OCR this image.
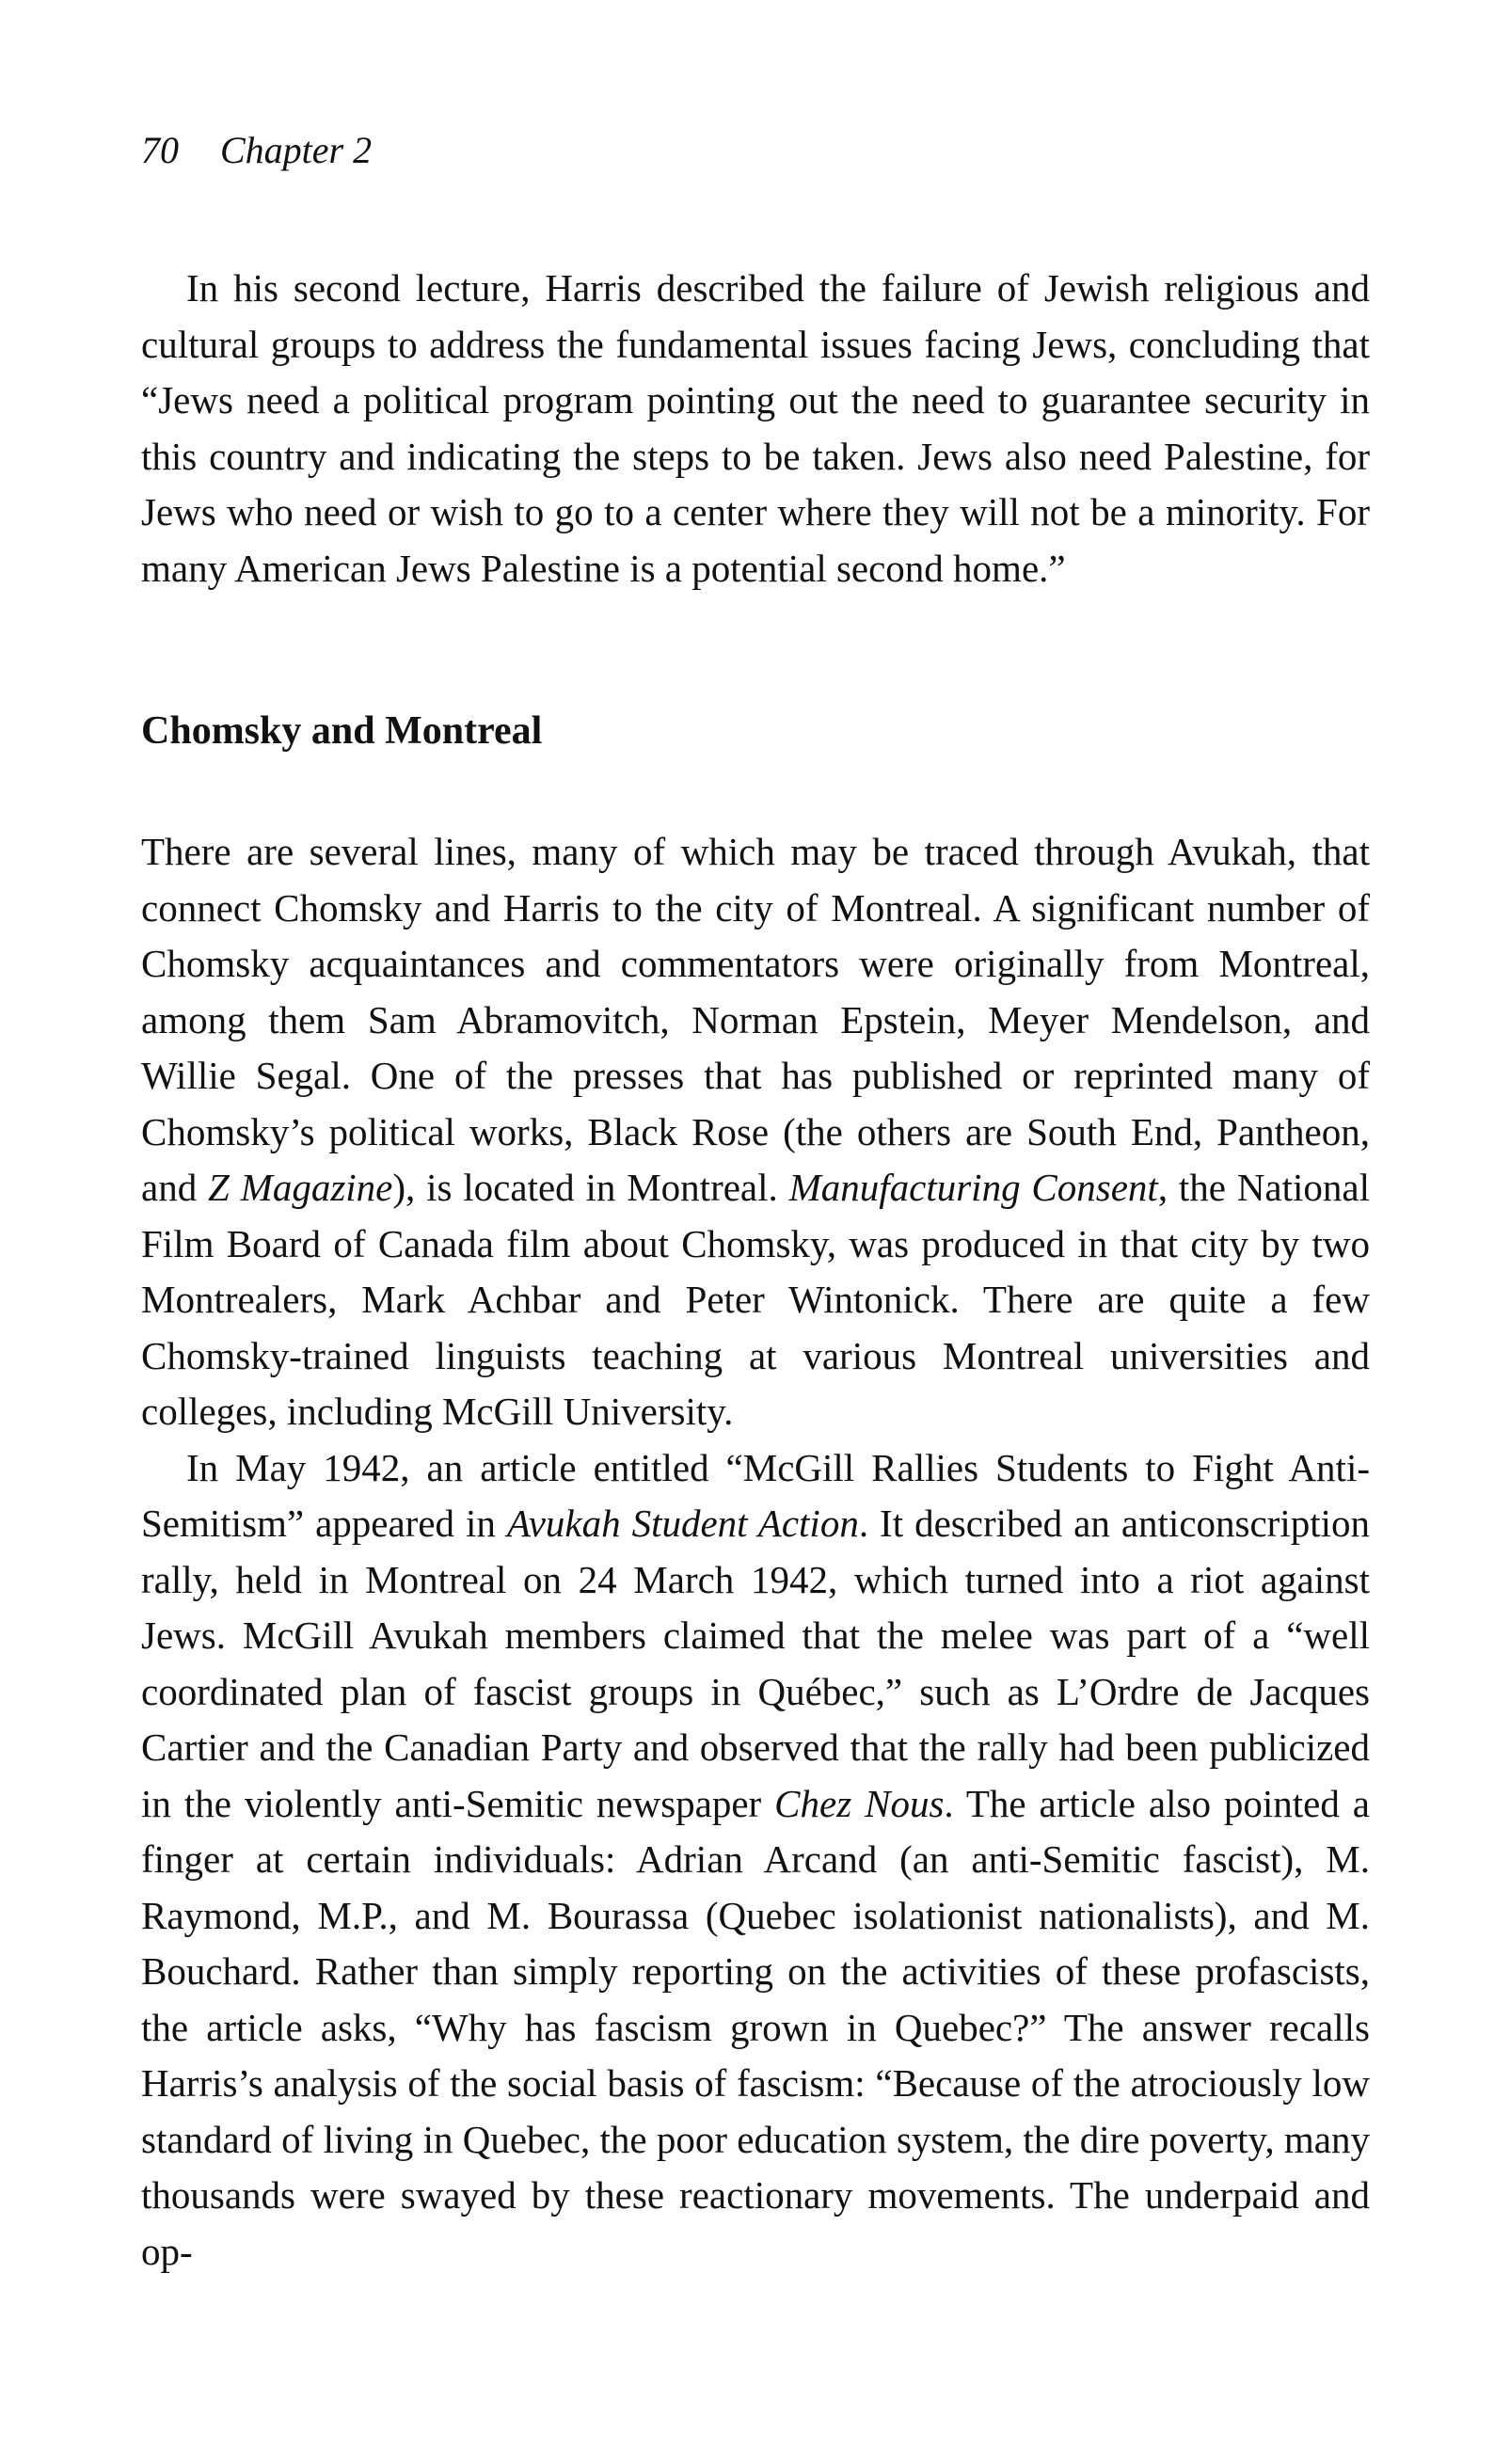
70 Chapter 2

In his second lecture, Harris described the failure of Jewish religious and cultural groups to address the fundamental issues facing Jews, concluding that “Jews need a political program pointing out the need to guarantee security in this country and indicating the steps to be taken. Jews also need Palestine, for Jews who need or wish to go to a center where they will not be a minority. For many American Jews Palestine is a potential second home.”

Chomsky and Montreal

There are several lines, many of which may be traced through Avukah, that connect Chomsky and Harris to the city of Montreal. A significant number of Chomsky acquaintances and commentators were originally from Montreal, among them Sam Abramovitch, Norman Epstein, Meyer Mendelson, and Willie Segal. One of the presses that has published or reprinted many of Chomsky’s political works, Black Rose (the others are South End, Pantheon, and Z Magazine), is located in Montreal. Manufacturing Consent, the National Film Board of Canada film about Chomsky, was produced in that city by two Montrealers, Mark Achbar and Peter Wintonick. There are quite a few Chomsky-trained linguists teaching at various Montreal universities and colleges, including McGill University.

In May 1942, an article entitled “McGill Rallies Students to Fight Anti-Semitism” appeared in Avukah Student Action. It described an anticonscription rally, held in Montreal on 24 March 1942, which turned into a riot against Jews. McGill Avukah members claimed that the melee was part of a “well coordinated plan of fascist groups in Québec,” such as L’Ordre de Jacques Cartier and the Canadian Party and observed that the rally had been publicized in the violently anti-Semitic newspaper Chez Nous. The article also pointed a finger at certain individuals: Adrian Arcand (an anti-Semitic fascist), M. Raymond, M.P., and M. Bourassa (Quebec isolationist nationalists), and M. Bouchard. Rather than simply reporting on the activities of these profascists, the article asks, “Why has fascism grown in Quebec?” The answer recalls Harris’s analysis of the social basis of fascism: “Because of the atrociously low standard of living in Quebec, the poor education system, the dire poverty, many thousands were swayed by these reactionary movements. The underpaid and op-
